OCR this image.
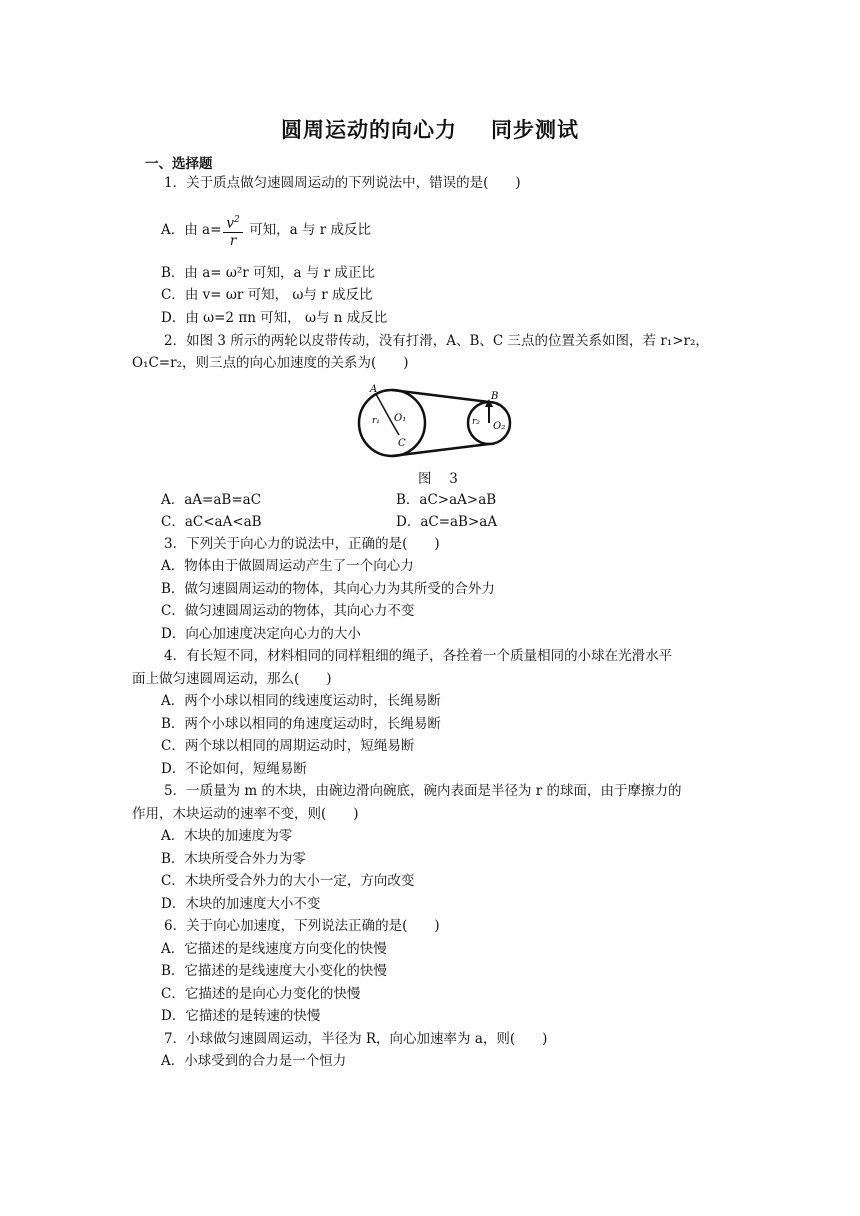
圆周运动的向心力 同步测试
一、选择题
1．关于质点做匀速圆周运动的下列说法中，错误的是(　　)
A．由 $a= \frac{v^2}{r}$ 可知，a 与 r 成反比
B．由 a= ω²r 可知，a 与 r 成正比
C．由 v= ωr 可知， ω与 r 成反比
D．由 ω=2 πn 可知， ω与 n 成反比
2．如图 3 所示的两轮以皮带传动，没有打滑，A、B、C 三点的位置关系如图，若 r₁>r₂，
O₁C=r₂，则三点的向心加速度的关系为(　　)
A
r₁ O₁
C
B
r₂ O₂
图　 3
A．aA=aB=aC	B．aC>aA>aB
C．aC<aA<aB	D．aC=aB>aA
3．下列关于向心力的说法中，正确的是(　　)
A．物体由于做圆周运动产生了一个向心力
B．做匀速圆周运动的物体，其向心力为其所受的合外力
C．做匀速圆周运动的物体，其向心力不变
D．向心加速度决定向心力的大小
4．有长短不同，材料相同的同样粗细的绳子，各拴着一个质量相同的小球在光滑水平
面上做匀速圆周运动，那么(　　)
A．两个小球以相同的线速度运动时，长绳易断
B．两个小球以相同的角速度运动时，长绳易断
C．两个球以相同的周期运动时，短绳易断
D．不论如何，短绳易断
5．一质量为 m 的木块，由碗边滑向碗底，碗内表面是半径为 r 的球面，由于摩擦力的
作用，木块运动的速率不变，则(　　)
A．木块的加速度为零
B．木块所受合外力为零
C．木块所受合外力的大小一定，方向改变
D．木块的加速度大小不变
6．关于向心加速度，下列说法正确的是(　　)
A．它描述的是线速度方向变化的快慢
B．它描述的是线速度大小变化的快慢
C．它描述的是向心力变化的快慢
D．它描述的是转速的快慢
7．小球做匀速圆周运动，半径为 R，向心加速率为 a，则(　　)
A．小球受到的合力是一个恒力
